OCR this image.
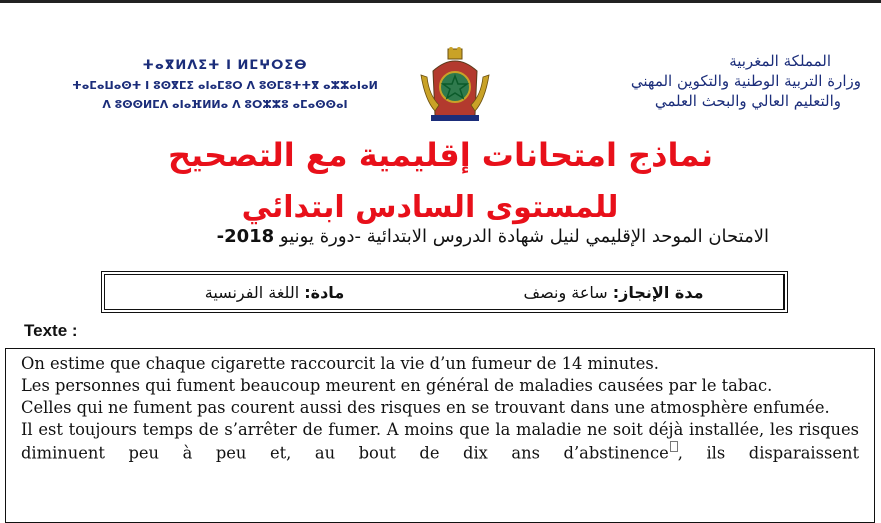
ⵜⴰⴳⵍⴷⵉⵜ ⵏ ⵍⵎⵖⵔⵉⴱ
ⵜⴰⵎⴰⵡⴰⵙⵜ ⵏ ⵓⵙⴳⵎⵉ ⴰⵏⴰⵎⵓⵔ ⴷ ⵓⵙⵎⵓⵜⵜⴳ ⴰⵣⵣⴰⵏⴰⵍ
ⴷ ⵓⵙⵙⵍⵎⴷ ⴰⵏⴰⴼⵍⵍⴰ ⴷ ⵓⵔⵣⵣⵓ ⴰⵎⴰⵙⵙⴰⵏ
المملكة المغربية
وزارة التربية الوطنية والتكوين المهني
والتعليم العالي والبحث العلمي
نماذج امتحانات إقليمية مع التصحيح
للمستوى السادس ابتدائي
الامتحان الموحد الإقليمي لنيل شهادة الدروس الابتدائية -دورة يونيو 2018-
مادة:

اللغة الفرنسية	مدة الإنجاز:

ساعة ونصف
Texte :

On estime que chaque cigarette raccourcit la vie d’un fumeur de 14 minutes.

Les personnes qui fument beaucoup meurent en général de maladies causées par le tabac.

Celles qui ne fument pas courent aussi des risques en se trouvant dans une atmosphère enfumée.

Il est toujours temps de s’arrêter de fumer. A moins que la maladie ne soit déjà installée, les risques diminuent peu à peu et, au bout de dix ans d’abstinence , ils disparaissent
